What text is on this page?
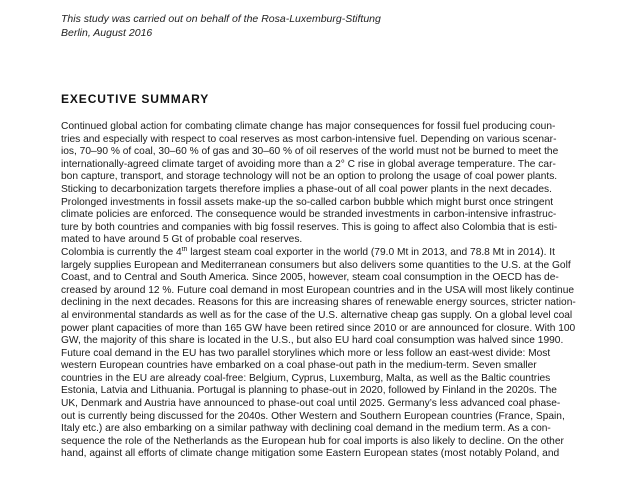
This study was carried out on behalf of the Rosa-Luxemburg-Stiftung
Berlin, August 2016
EXECUTIVE SUMMARY

Continued global action for combating climate change has major consequences for fossil fuel producing coun-
tries and especially with respect to coal reserves as most carbon-intensive fuel. Depending on various scenar-
ios, 70–90 % of coal, 30–60 % of gas and 30–60 % of oil reserves of the world must not be burned to meet the
internationally-agreed climate target of avoiding more than a 2° C rise in global average temperature. The car-
bon capture, transport, and storage technology will not be an option to prolong the usage of coal power plants.
Sticking to decarbonization targets therefore implies a phase-out of all coal power plants in the next decades.
Prolonged investments in fossil assets make-up the so-called carbon bubble which might burst once stringent
climate policies are enforced. The consequence would be stranded investments in carbon-intensive infrastruc-
ture by both countries and companies with big fossil reserves. This is going to affect also Colombia that is esti-
mated to have around 5 Gt of probable coal reserves.

Colombia is currently the 4th largest steam coal exporter in the world (79.0 Mt in 2013, and 78.8 Mt in 2014). It
largely supplies European and Mediterranean consumers but also delivers some quantities to the U.S. at the Golf
Coast, and to Central and South America. Since 2005, however, steam coal consumption in the OECD has de-
creased by around 12 %. Future coal demand in most European countries and in the USA will most likely continue
declining in the next decades. Reasons for this are increasing shares of renewable energy sources, stricter nation-
al environmental standards as well as for the case of the U.S. alternative cheap gas supply. On a global level coal
power plant capacities of more than 165 GW have been retired since 2010 or are announced for closure. With 100
GW, the majority of this share is located in the U.S., but also EU hard coal consumption was halved since 1990.

Future coal demand in the EU has two parallel storylines which more or less follow an east-west divide: Most
western European countries have embarked on a coal phase-out path in the medium-term. Seven smaller
countries in the EU are already coal-free: Belgium, Cyprus, Luxemburg, Malta, as well as the Baltic countries
Estonia, Latvia and Lithuania. Portugal is planning to phase-out in 2020, followed by Finland in the 2020s. The
UK, Denmark and Austria have announced to phase-out coal until 2025. Germany’s less advanced coal phase-
out is currently being discussed for the 2040s. Other Western and Southern European countries (France, Spain,
Italy etc.) are also embarking on a similar pathway with declining coal demand in the medium term. As a con-
sequence the role of the Netherlands as the European hub for coal imports is also likely to decline. On the other
hand, against all efforts of climate change mitigation some Eastern European states (most notably Poland, and
